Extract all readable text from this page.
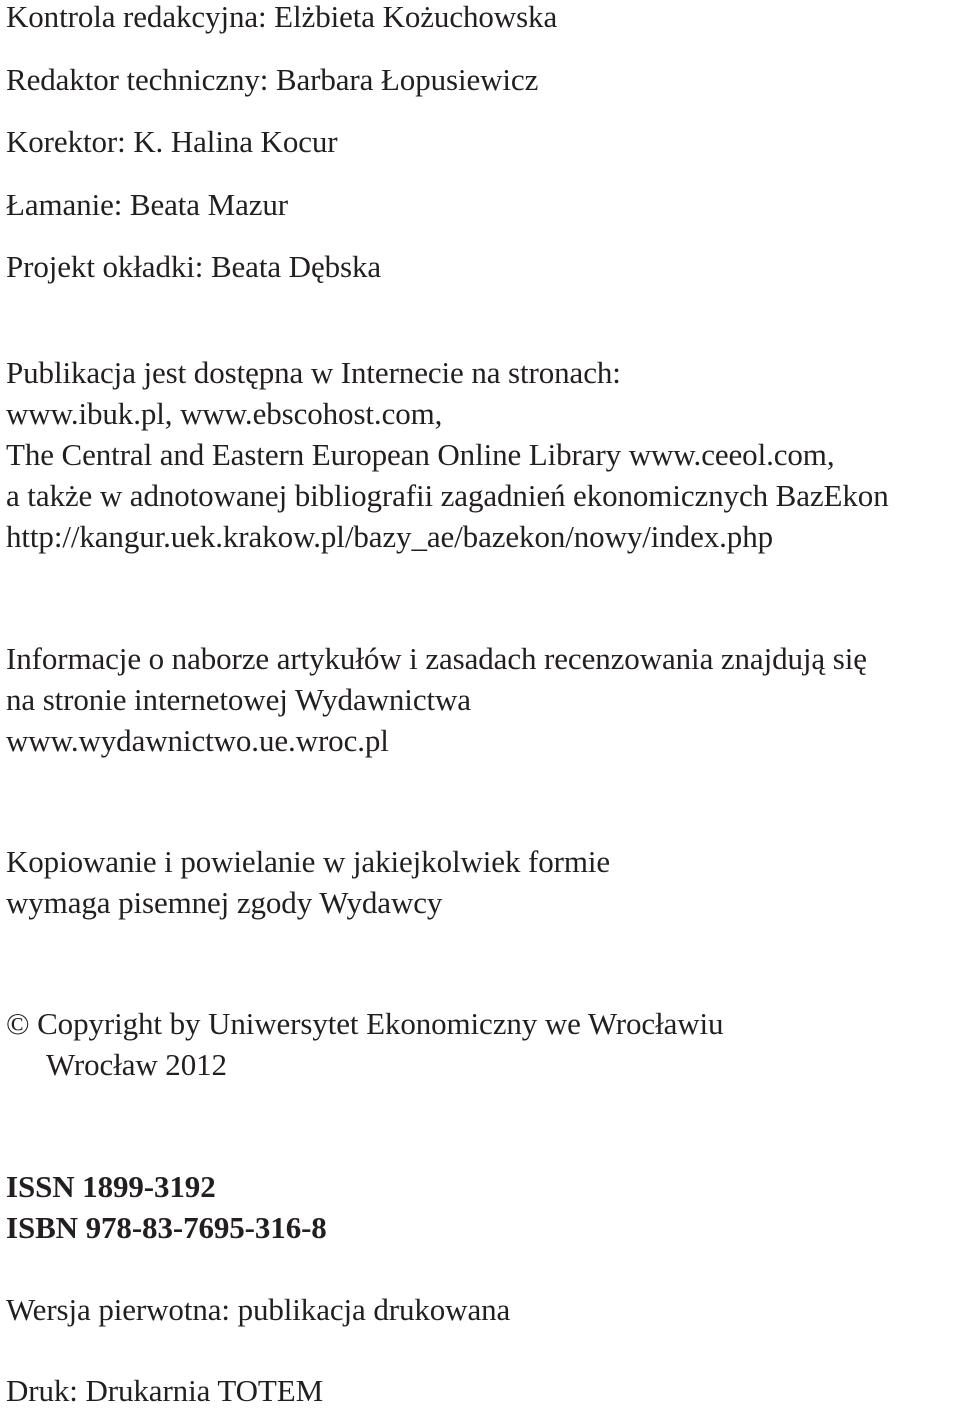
Kontrola redakcyjna: Elżbieta Kożuchowska
Redaktor techniczny: Barbara Łopusiewicz
Korektor: K. Halina Kocur
Łamanie: Beata Mazur
Projekt okładki: Beata Dębska
Publikacja jest dostępna w Internecie na stronach:
www.ibuk.pl, www.ebscohost.com,
The Central and Eastern European Online Library www.ceeol.com,
a także w adnotowanej bibliografii zagadnień ekonomicznych BazEkon
http://kangur.uek.krakow.pl/bazy_ae/bazekon/nowy/index.php
Informacje o naborze artykułów i zasadach recenzowania znajdują się
na stronie internetowej Wydawnictwa
www.wydawnictwo.ue.wroc.pl
Kopiowanie i powielanie w jakiejkolwiek formie
wymaga pisemnej zgody Wydawcy
© Copyright by Uniwersytet Ekonomiczny we Wrocławiu
Wrocław 2012
ISSN 1899-3192
ISBN 978-83-7695-316-8
Wersja pierwotna: publikacja drukowana
Druk: Drukarnia TOTEM
